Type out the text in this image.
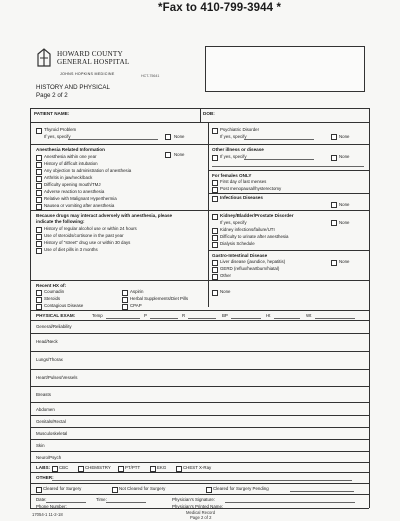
*Fax to 410-799-3944 *
HOWARD COUNTY
GENERAL HOSPITAL
JOHNS HOPKINS MEDICINE	HCT-75641
HISTORY AND PHYSICAL
Page 2 of 2
PATIENT NAME:	DOB:
Thyroid Problem
If yes, specify	None
Psychiatric Disorder
If yes, specify	None
Anesthesia Related Information
None
Anesthesia within one year
History of difficult intubation
Any objection to administration of anesthesia
Arthritis in jaw/neck/back
Difficulty opening mouth/TMJ
Adverse reaction to anesthesia
Relative with Malignant Hyperthermia
Nausea or vomiting after anesthesia
Other illness or disease
If yes, specify	None
For females ONLY
First day of last menses
Post menopausal/hysterectomy
Infectious Diseases
None
Because drugs may interact adversely with anesthesia, please
indicate the following:
History of regular alcohol use or within 24 hours
Use of steroids/cortisone in the past year
History of "street" drug use or within 30 days
Use of diet pills in 3 months
Kidney/Bladder/Prostate Disorder
If yes, specify	None
Kidney infections/failure/UTI
Difficulty to urinate after anesthesia
Dialysis Schedule
Gastro-Intestinal Disease
Liver disease (jaundice, hepatitis)	None
GERD (reflux/heartburn/hiatal)
Other
Recent HX of:
Coumadin	Aspirin	None
Steroids	Herbal Supplements/Diet Pills
Contagious Disease	CPAP
PHYSICAL EXAM:	Temp	P	R	BP	Ht	Wt
General/Reliability
Head/Neck
Lungs/Thorax
Heart/Pulses/Vessels
Breasts
Abdomen
Genitals/Rectal
Musculoskeletal
Skin
Neuro/Psych
LABS: CBC	CHEMISTRY	PT/PTT	EKG	CHEST X-Ray
OTHER:
Cleared for Surgery	Not Cleared for Surgery	Cleared for Surgery Pending
Date:	Time:	Physician's Signature:
Phone Number:	Physician's Printed Name:
17054-1 11-2-18	Medical Record
Page 2 of 2
